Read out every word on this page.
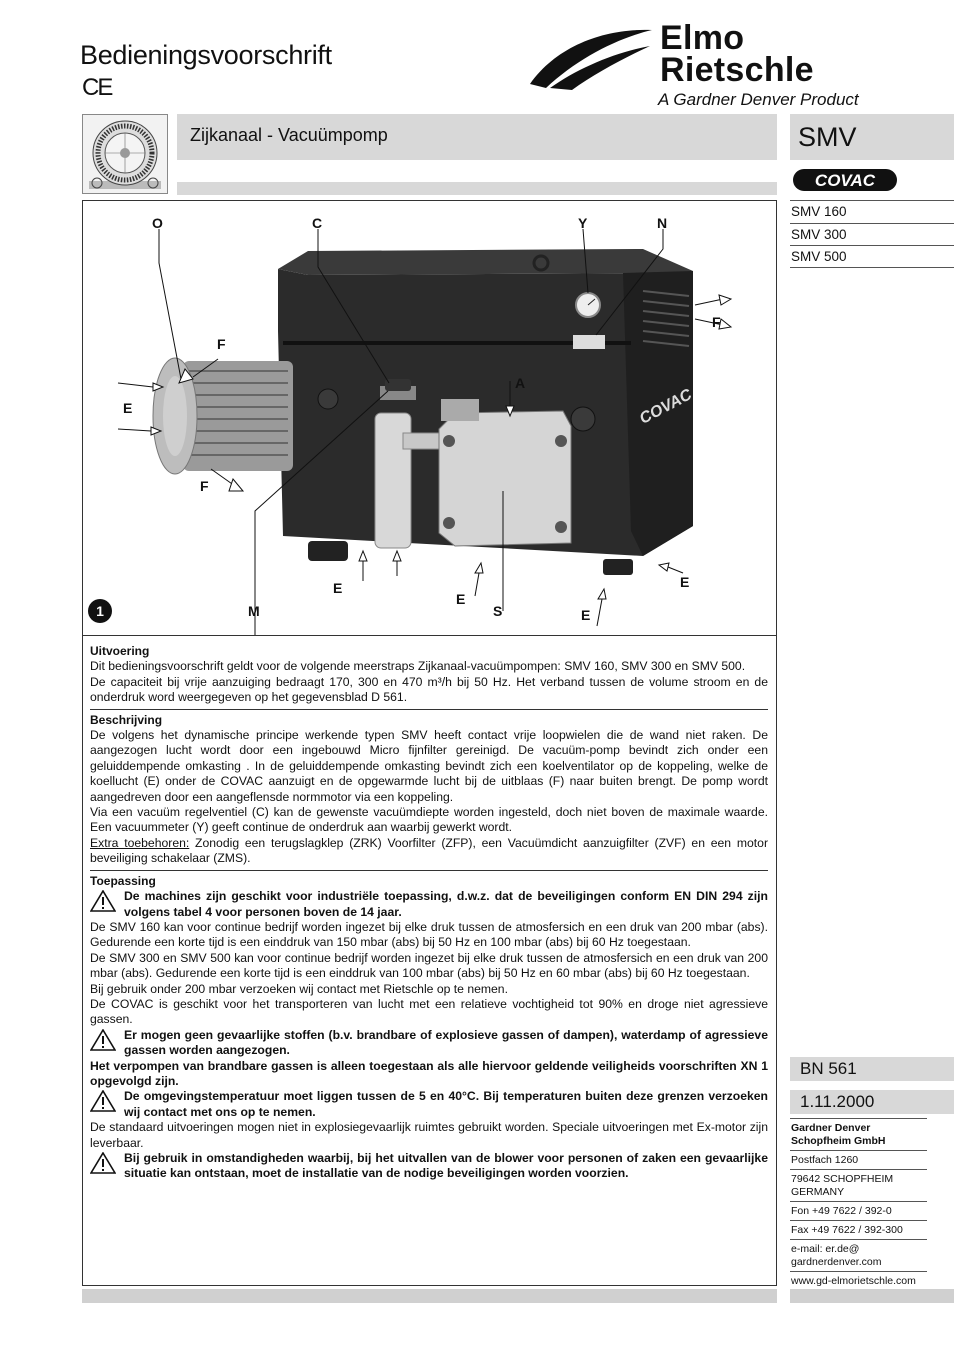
Bedieningsvoorschrift
CE
Elmo
Rietschle
A Gardner Denver Product
Zijkanaal - Vacuümpomp	SMV
COVAC
SMV 160
SMV 300
SMV 500
COVAC
O	C	Y	N
F
F
F
E
A
M	S
E
E
E
E
1
Uitvoering
Dit bedieningsvoorschrift geldt voor de volgende meerstraps Zijkanaal-vacuümpompen: SMV 160, SMV 300 en SMV 500.
De capaciteit bij vrije aanzuiging bedraagt 170, 300 en 470 m³/h bij 50 Hz. Het verband tussen de volume stroom en de onderdruk word weergegeven op het gegevensblad D 561.
Beschrijving
De volgens het dynamische principe werkende typen SMV heeft contact vrije loopwielen die de wand niet raken. De aangezogen lucht wordt door een ingebouwd Micro fijnfilter gereinigd. De vacuüm-pomp bevindt zich onder een geluiddempende omkasting . In de geluiddempende omkasting bevindt zich een koelventilator op de koppeling, welke de koellucht (E) onder de COVAC aanzuigt en de opgewarmde lucht bij de uitblaas (F) naar buiten brengt. De pomp wordt aangedreven door een aangeflensde normmotor via een koppeling.
Via een vacuüm regelventiel (C) kan de gewenste vacuümdiepte worden ingesteld, doch niet boven de maximale waarde. Een vacuummeter (Y) geeft continue de onderdruk aan waarbij gewerkt wordt.
Extra toebehoren: Zonodig een terugslagklep (ZRK) Voorfilter (ZFP), een Vacuümdicht aanzuigfilter (ZVF) en een motor beveiliging schakelaar (ZMS).
Toepassing
De machines zijn geschikt voor industriële toepassing, d.w.z. dat de beveiligingen conform EN DIN 294 zijn volgens tabel 4 voor personen boven de 14 jaar.
De SMV 160 kan voor continue bedrijf worden ingezet bij elke druk tussen de atmosfersich en een druk van 200 mbar (abs). Gedurende een korte tijd is een einddruk van 150 mbar (abs) bij 50 Hz en 100 mbar (abs) bij 60 Hz toegestaan.
De SMV 300 en SMV 500 kan voor continue bedrijf worden ingezet bij elke druk tussen de atmosfersich en een druk van 200 mbar (abs). Gedurende een korte tijd is een einddruk van 100 mbar (abs) bij 50 Hz en 60 mbar (abs) bij 60 Hz toegestaan.
Bij gebruik onder 200 mbar verzoeken wij contact met Rietschle op te nemen.
De COVAC is geschikt voor het transporteren van lucht met een relatieve vochtigheid tot 90% en droge niet agressieve gassen.
Er mogen geen gevaarlijke stoffen (b.v. brandbare of explosieve gassen of dampen), waterdamp of agressieve gassen worden aangezogen.
Het verpompen van brandbare gassen is alleen toegestaan als alle hiervoor geldende veiligheids voorschriften XN 1 opgevolgd zijn.
De omgevingstemperatuur moet liggen tussen de 5 en 40°C. Bij temperaturen buiten deze grenzen verzoeken wij contact met ons op te nemen.
De standaard uitvoeringen mogen niet in explosiegevaarlijk ruimtes gebruikt worden. Speciale uitvoeringen met Ex-motor zijn leverbaar.
Bij gebruik in omstandigheden waarbij, bij het uitvallen van de blower voor personen of zaken een gevaarlijke situatie kan ontstaan, moet de installatie van de nodige beveiligingen worden voorzien.
BN 561
1.11.2000
Gardner Denver
Schopfheim GmbH
Postfach 1260
79642 SCHOPFHEIM
GERMANY
Fon +49 7622 / 392-0
Fax +49 7622 / 392-300
e-mail: er.de@
gardnerdenver.com
www.gd-elmorietschle.com
